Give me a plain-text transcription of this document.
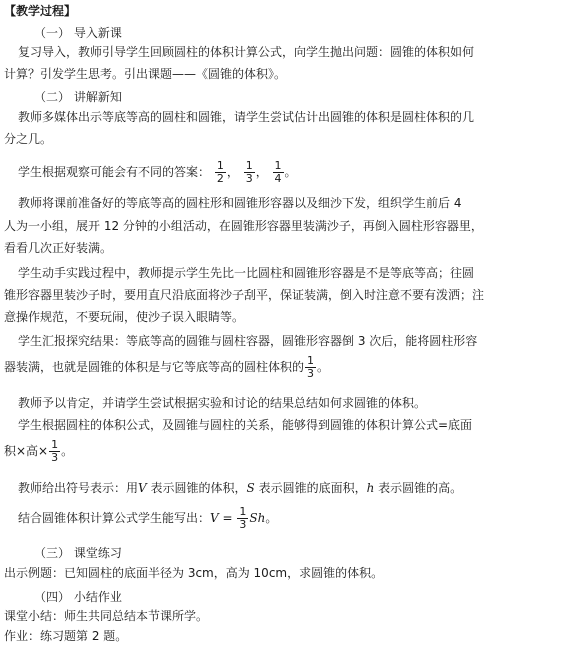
【教学过程】
（一） 导入新课
复习导入，教师引导学生回顾圆柱的体积计算公式，向学生抛出问题：圆锥的体积如何
计算？引发学生思考。引出课题——《圆锥的体积》。
（二） 讲解新知
教师多媒体出示等底等高的圆柱和圆锥，请学生尝试估计出圆锥的体积是圆柱体积的几
分之几。
学生根据观察可能会有不同的答案： $\frac{1}{2}$ ， $\frac{1}{3}$ ， $\frac{1}{4}$ 。
教师将课前准备好的等底等高的圆柱形和圆锥形容器以及细沙下发，组织学生前后 4
人为一小组，展开 12 分钟的小组活动，在圆锥形容器里装满沙子，再倒入圆柱形容器里，
看看几次正好装满。
学生动手实践过程中，教师提示学生先比一比圆柱和圆锥形容器是不是等底等高；往圆
锥形容器里装沙子时，要用直尺沿底面将沙子刮平，保证装满，倒入时注意不要有泼洒；注
意操作规范，不要玩闹，使沙子误入眼睛等。
学生汇报探究结果：等底等高的圆锥与圆柱容器，圆锥形容器倒 3 次后，能将圆柱形容
器装满，也就是圆锥的体积是与它等底等高的圆柱体积的 $\frac{1}{3}$ 。
教师予以肯定，并请学生尝试根据实验和讨论的结果总结如何求圆锥的体积。
学生根据圆柱的体积公式，及圆锥与圆柱的关系，能够得到圆锥的体积计算公式=底面
积×高× $\frac{1}{3}$ 。
教师给出符号表示：用V 表示圆锥的体积，S 表示圆锥的底面积，h 表示圆锥的高。
结合圆锥体积计算公式学生能写出：$V = \frac{1}{3}$ Sh。
（三） 课堂练习
出示例题：已知圆柱的底面半径为 3cm，高为 10cm，求圆锥的体积。
（四） 小结作业
课堂小结：师生共同总结本节课所学。
作业：练习题第 2 题。
